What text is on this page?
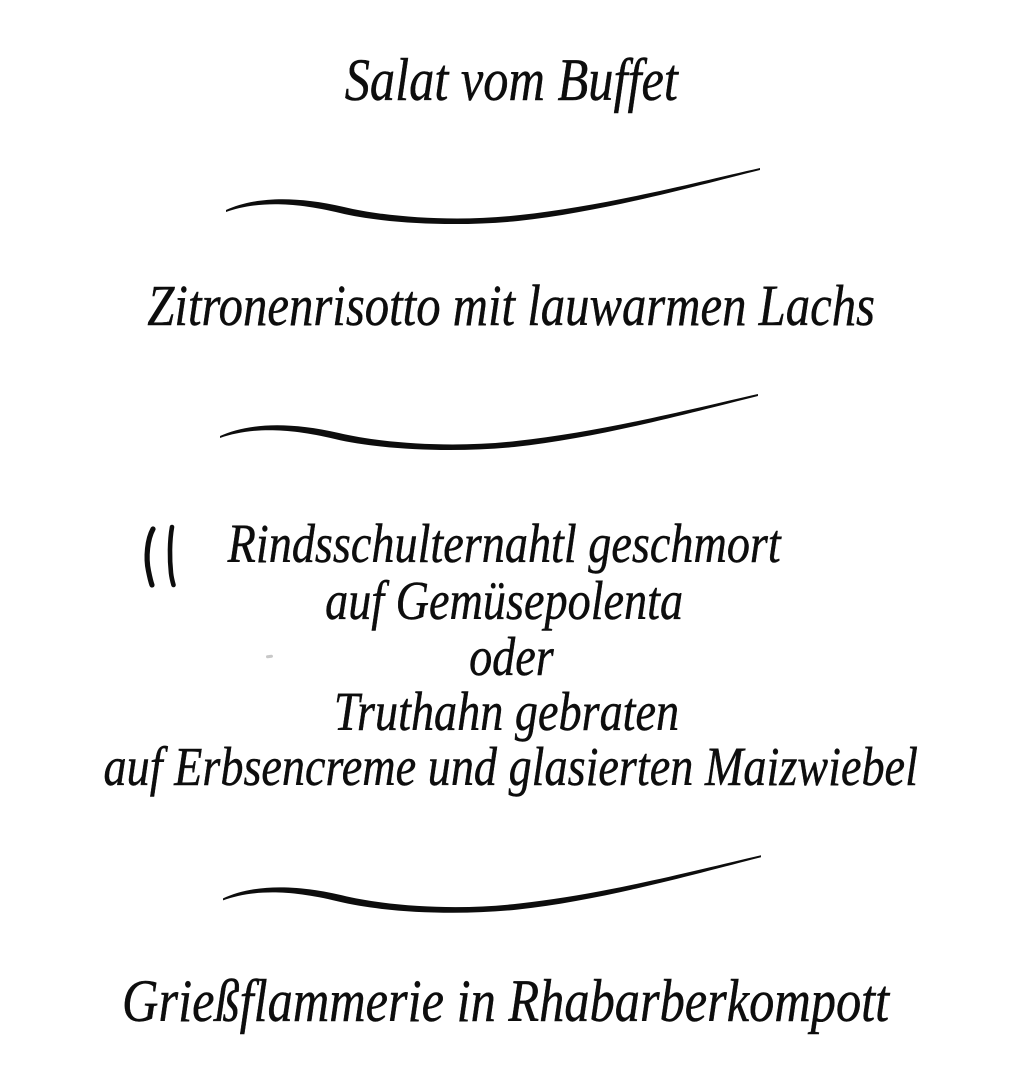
Salat vom Buffet
Zitronenrisotto mit lauwarmen Lachs
Rindsschulternahtl geschmort
auf Gemüsepolenta
oder
Truthahn gebraten
auf Erbsencreme und glasierten Maizwiebel
Grießflammerie in Rhabarberkompott
